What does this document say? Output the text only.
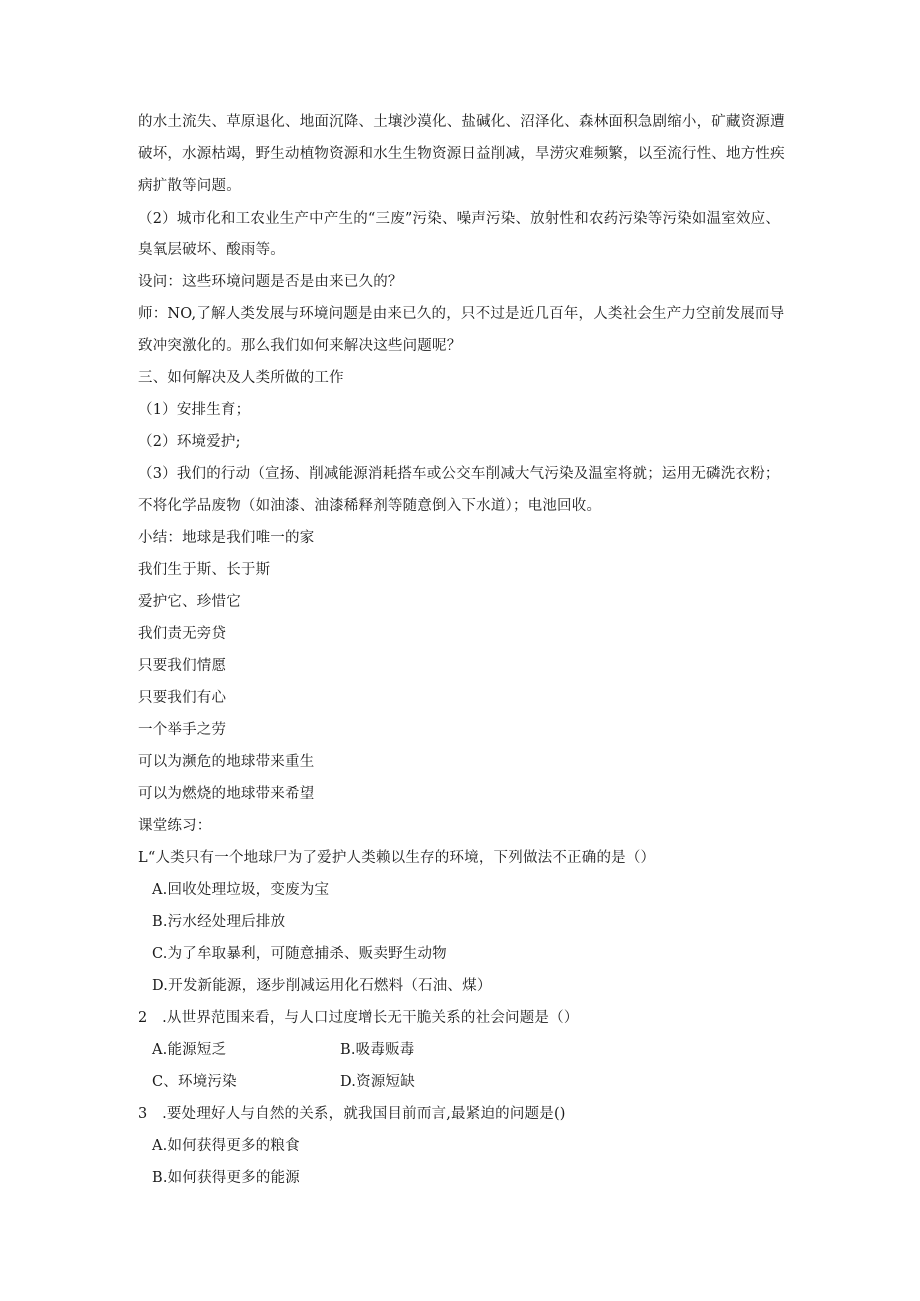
的水土流失、草原退化、地面沉降、土壤沙漠化、盐碱化、沼泽化、森林面积急剧缩小，矿藏资源遭
破坏，水源枯竭，野生动植物资源和水生生物资源日益削减，旱涝灾难频繁，以至流行性、地方性疾
病扩散等问题。
（2）城市化和工农业生产中产生的“三废”污染、噪声污染、放射性和农药污染等污染如温室效应、
臭氧层破坏、酸雨等。
设问：这些环境问题是否是由来已久的？
师：NO,了解人类发展与环境问题是由来已久的，只不过是近几百年，人类社会生产力空前发展而导
致冲突激化的。那么我们如何来解决这些问题呢？
三、如何解决及人类所做的工作
（1）安排生育；
（2）环境爱护;
（3）我们的行动（宣扬、削减能源消耗搭车或公交车削减大气污染及温室将就；运用无磷洗衣粉；
不将化学品废物（如油漆、油漆稀释剂等随意倒入下水道）；电池回收。
小结：地球是我们唯一的家
我们生于斯、长于斯
爱护它、珍惜它
我们责无旁贷
只要我们情愿
只要我们有心
一个举手之劳
可以为濒危的地球带来重生
可以为燃烧的地球带来希望
课堂练习：
L“人类只有一个地球尸为了爱护人类赖以生存的环境，下列做法不正确的是（）
A.回收处理垃圾，变废为宝
B.污水经处理后排放
C.为了牟取暴利，可随意捕杀、贩卖野生动物
D.开发新能源，逐步削减运用化石燃料（石油、煤）
2　.从世界范围来看，与人口过度增长无干脆关系的社会问题是（）
A.能源短乏	B.吸毒贩毒
C、环境污染	D.资源短缺
3　.要处理好人与自然的关系，就我国目前而言,最紧迫的问题是()
A.如何获得更多的粮食
B.如何获得更多的能源
